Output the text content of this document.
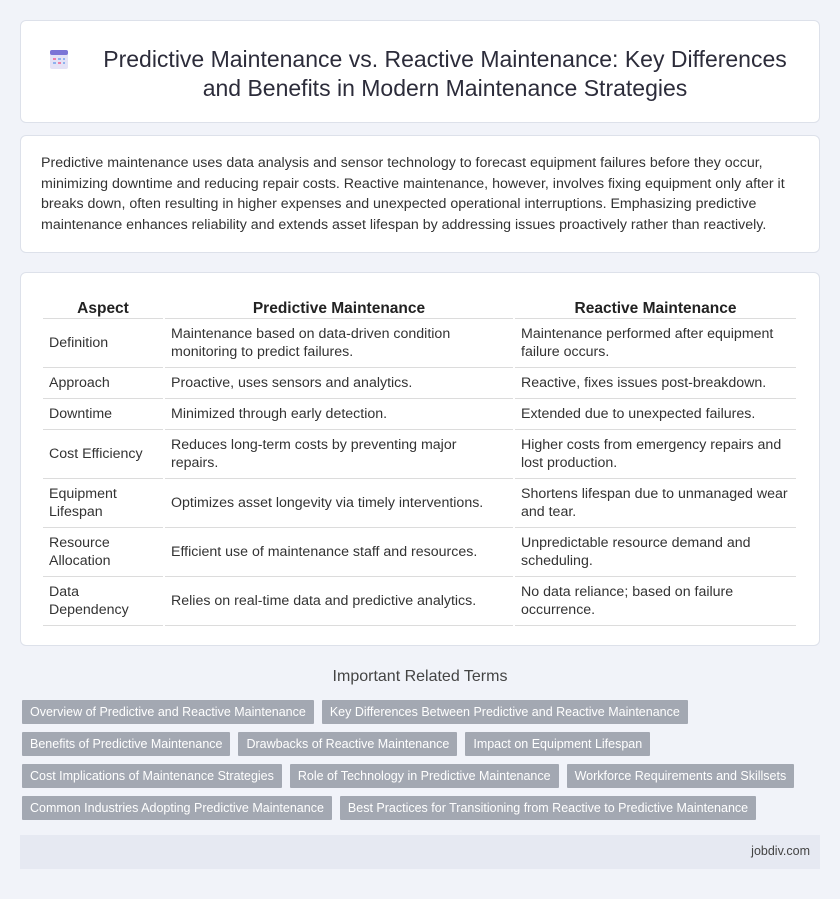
Predictive Maintenance vs. Reactive Maintenance: Key Differences and Benefits in Modern Maintenance Strategies

Predictive maintenance uses data analysis and sensor technology to forecast equipment failures before they occur, minimizing downtime and reducing repair costs. Reactive maintenance, however, involves fixing equipment only after it breaks down, often resulting in higher expenses and unexpected operational interruptions. Emphasizing predictive maintenance enhances reliability and extends asset lifespan by addressing issues proactively rather than reactively.

Aspect	Predictive Maintenance	Reactive Maintenance
Definition	Maintenance based on data-driven condition monitoring to predict failures.	Maintenance performed after equipment failure occurs.
Approach	Proactive, uses sensors and analytics.	Reactive, fixes issues post-breakdown.
Downtime	Minimized through early detection.	Extended due to unexpected failures.
Cost Efficiency	Reduces long-term costs by preventing major repairs.	Higher costs from emergency repairs and lost production.
Equipment Lifespan	Optimizes asset longevity via timely interventions.	Shortens lifespan due to unmanaged wear and tear.
Resource Allocation	Efficient use of maintenance staff and resources.	Unpredictable resource demand and scheduling.
Data Dependency	Relies on real-time data and predictive analytics.	No data reliance; based on failure occurrence.
Important Related Terms
Overview of Predictive and Reactive Maintenance	Key Differences Between Predictive and Reactive Maintenance
Benefits of Predictive Maintenance	Drawbacks of Reactive Maintenance	Impact on Equipment Lifespan
Cost Implications of Maintenance Strategies	Role of Technology in Predictive Maintenance	Workforce Requirements and Skillsets
Common Industries Adopting Predictive Maintenance	Best Practices for Transitioning from Reactive to Predictive Maintenance
jobdiv.com
